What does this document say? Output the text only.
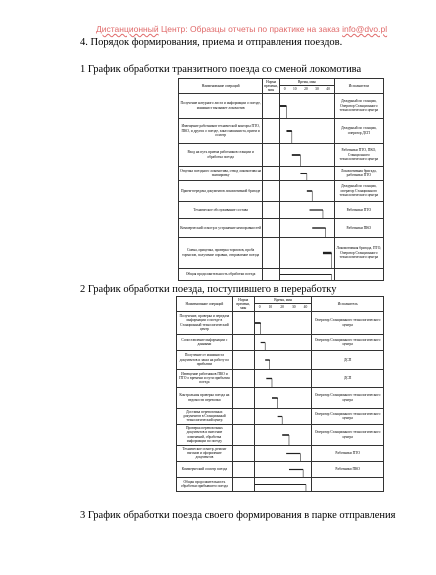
Дистанционный Центр: Образцы отчеты по практике на заказ info@dvo.pl
4. Порядок формирования, приема и отправления поездов.
1 График обработки транзитного поезда со сменой локомотива
2 График обработки поезда, поступившего в переработку
3 График обработки поезда своего формирования в парке отправления
Наименование операций	Норма времени, мин	Время, мин	Исполнители

		0 10 20 30 40	

Получение натурного листа и информации о поезде, машинист вызывает локомотив			Дежурный по станции, Оператор Станционного технологического центра
Извещение работников технической конторы ПТО, ПКО, и других о поезде, заказ машиниста, прием и осмотр			Дежурный по станции, оператор ДСП
Вход на путь приема работников станции и обработка поезда			Работники ПТО, ПКО, Станционного технологического центра
Отцепка поездного локомотива, отвод локомотива на экипировку			Локомотивная бригада, работники ПТО
Прием-передача документов локомотивной бригаде			Дежурный по станции, оператор Станционного технологического центра
Техническое обслуживание состава			Работники ПТО
Коммерческий осмотр и устранение неисправностей			Работники ПКО
Смена, прицепка, проверка тормозов, проба тормозов, получение справки, отправление поезда			Локомотивная бригада, ПТО, Оператор Станционного технологического центра
Общая продолжительность обработки поезда		

Наименование операций	Норма времени, мин	Время, мин	Исполнитель

		0 10 20 30 40	

Получение, проверка и передача информации о поезде в Станционный технологический центр			Оператор Станционного технологического центра
Сопоставление информации с данными			Оператор Станционного технологического центра
Получение от машиниста документов и заказ на работу по прибытии			ДСП
Извещение работников ПКО и ПТО о времени и пути прибытия поезда			ДСП
Контрольная проверка поезда на ведомости перевозки			Оператор Станционного технологического центра
Доставка перевозочных документов в Станционный технологический центр			Оператор Станционного технологического центра
Проверка перевозочных документов и внесение изменений, обработка информации по поезду			Оператор Станционного технологического центра
Техническое осмотр, ремонт вагонов и оформление документов			Работники ПТО
Коммерческий осмотр поезда			Работники ПКО
Общая продолжительность обработки прибывшего поезда		
